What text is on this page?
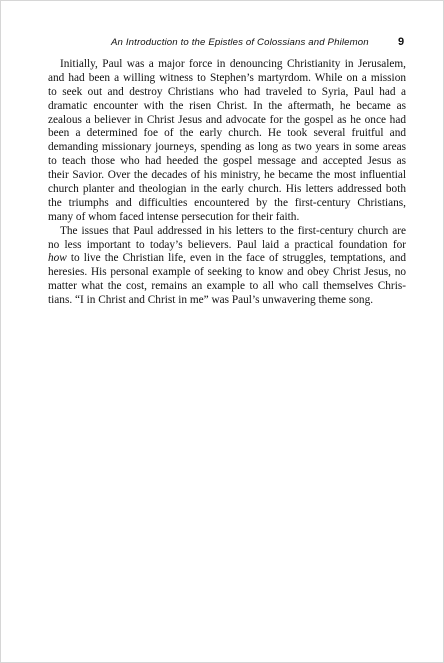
An Introduction to the Epistles of Colossians and Philemon	9
Initially, Paul was a major force in denouncing Christianity in Jerusalem,
and had been a willing witness to Stephen’s martyrdom. While on a mission
to seek out and destroy Christians who had traveled to Syria, Paul had a
dramatic encounter with the risen Christ. In the aftermath, he became as
zealous a believer in Christ Jesus and advocate for the gospel as he once had
been a determined foe of the early church. He took several fruitful and
demanding missionary journeys, spending as long as two years in some areas
to teach those who had heeded the gospel message and accepted Jesus as
their Savior. Over the decades of his ministry, he became the most influential
church planter and theologian in the early church. His letters addressed both
the triumphs and difficulties encountered by the first-century Christians,
many of whom faced intense persecution for their faith.
The issues that Paul addressed in his letters to the first-century church are
no less important to today’s believers. Paul laid a practical foundation for
how to live the Christian life, even in the face of struggles, temptations, and
heresies. His personal example of seeking to know and obey Christ Jesus, no
matter what the cost, remains an example to all who call themselves Chris-
tians. “I in Christ and Christ in me” was Paul’s unwavering theme song.
